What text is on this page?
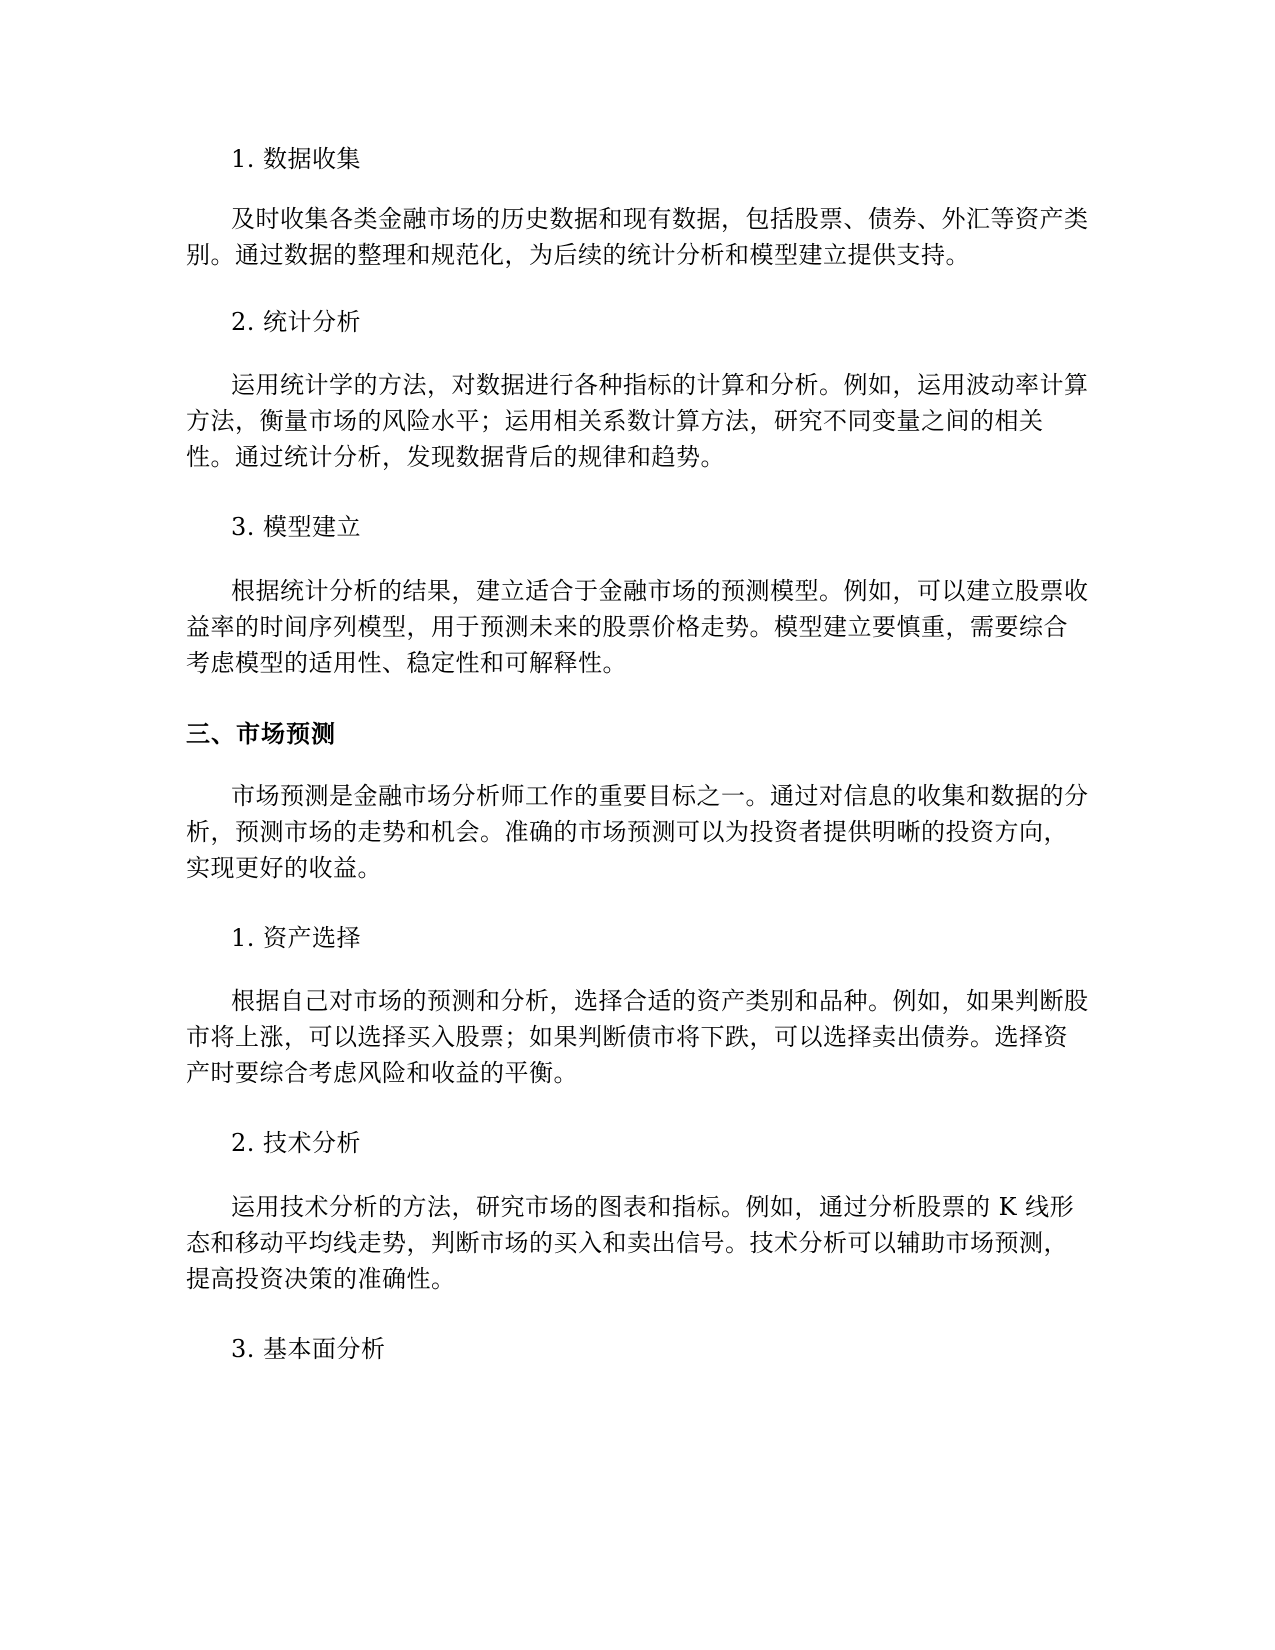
1. 数据收集

及时收集各类金融市场的历史数据和现有数据，包括股票、债券、外汇等资产类别。通过数据的整理和规范化，为后续的统计分析和模型建立提供支持。

2. 统计分析

运用统计学的方法，对数据进行各种指标的计算和分析。例如，运用波动率计算方法，衡量市场的风险水平；运用相关系数计算方法，研究不同变量之间的相关性。通过统计分析，发现数据背后的规律和趋势。

3. 模型建立

根据统计分析的结果，建立适合于金融市场的预测模型。例如，可以建立股票收益率的时间序列模型，用于预测未来的股票价格走势。模型建立要慎重，需要综合考虑模型的适用性、稳定性和可解释性。

三、市场预测

市场预测是金融市场分析师工作的重要目标之一。通过对信息的收集和数据的分析，预测市场的走势和机会。准确的市场预测可以为投资者提供明晰的投资方向，实现更好的收益。

1. 资产选择

根据自己对市场的预测和分析，选择合适的资产类别和品种。例如，如果判断股市将上涨，可以选择买入股票；如果判断债市将下跌，可以选择卖出债券。选择资产时要综合考虑风险和收益的平衡。

2. 技术分析

运用技术分析的方法，研究市场的图表和指标。例如，通过分析股票的 K 线形态和移动平均线走势，判断市场的买入和卖出信号。技术分析可以辅助市场预测，提高投资决策的准确性。

3. 基本面分析
